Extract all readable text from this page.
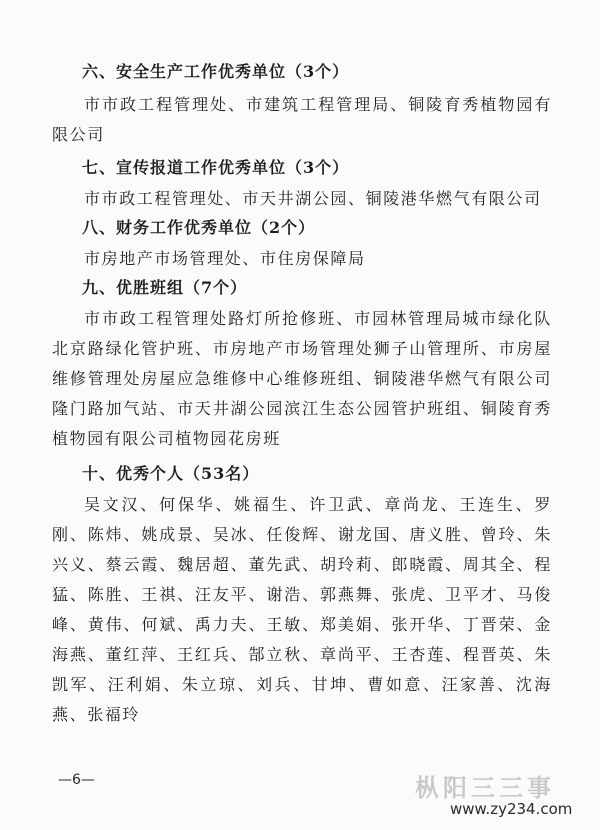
六、安全生产工作优秀单位（3个）

市市政工程管理处、市建筑工程管理局、铜陵育秀植物园有限公司

七、宣传报道工作优秀单位（3个）

市市政工程管理处、市天井湖公园、铜陵港华燃气有限公司

八、财务工作优秀单位（2个）

市房地产市场管理处、市住房保障局

九、优胜班组（7个）

市市政工程管理处路灯所抢修班、市园林管理局城市绿化队北京路绿化管护班、市房地产市场管理处狮子山管理所、市房屋维修管理处房屋应急维修中心维修班组、铜陵港华燃气有限公司隆门路加气站、市天井湖公园滨江生态公园管护班组、铜陵育秀植物园有限公司植物园花房班

十、优秀个人（53名）

吴文汉、何保华、姚福生、许卫武、章尚龙、王连生、罗刚、陈炜、姚成景、吴冰、任俊辉、谢龙国、唐义胜、曾玲、朱兴义、蔡云霞、魏居超、董先武、胡玲莉、郎晓霞、周其全、程猛、陈胜、王祺、汪友平、谢浩、郭燕舞、张虎、卫平才、马俊峰、黄伟、何斌、禹力夫、王敏、郑美娟、张开华、丁晋荣、金海燕、董红萍、王红兵、郜立秋、章尚平、王杏莲、程晋英、朱凯军、汪利娟、朱立琼、刘兵、甘坤、曹如意、汪家善、沈海燕、张福玲

—6—	枞阳三三事
www.zy234.com
